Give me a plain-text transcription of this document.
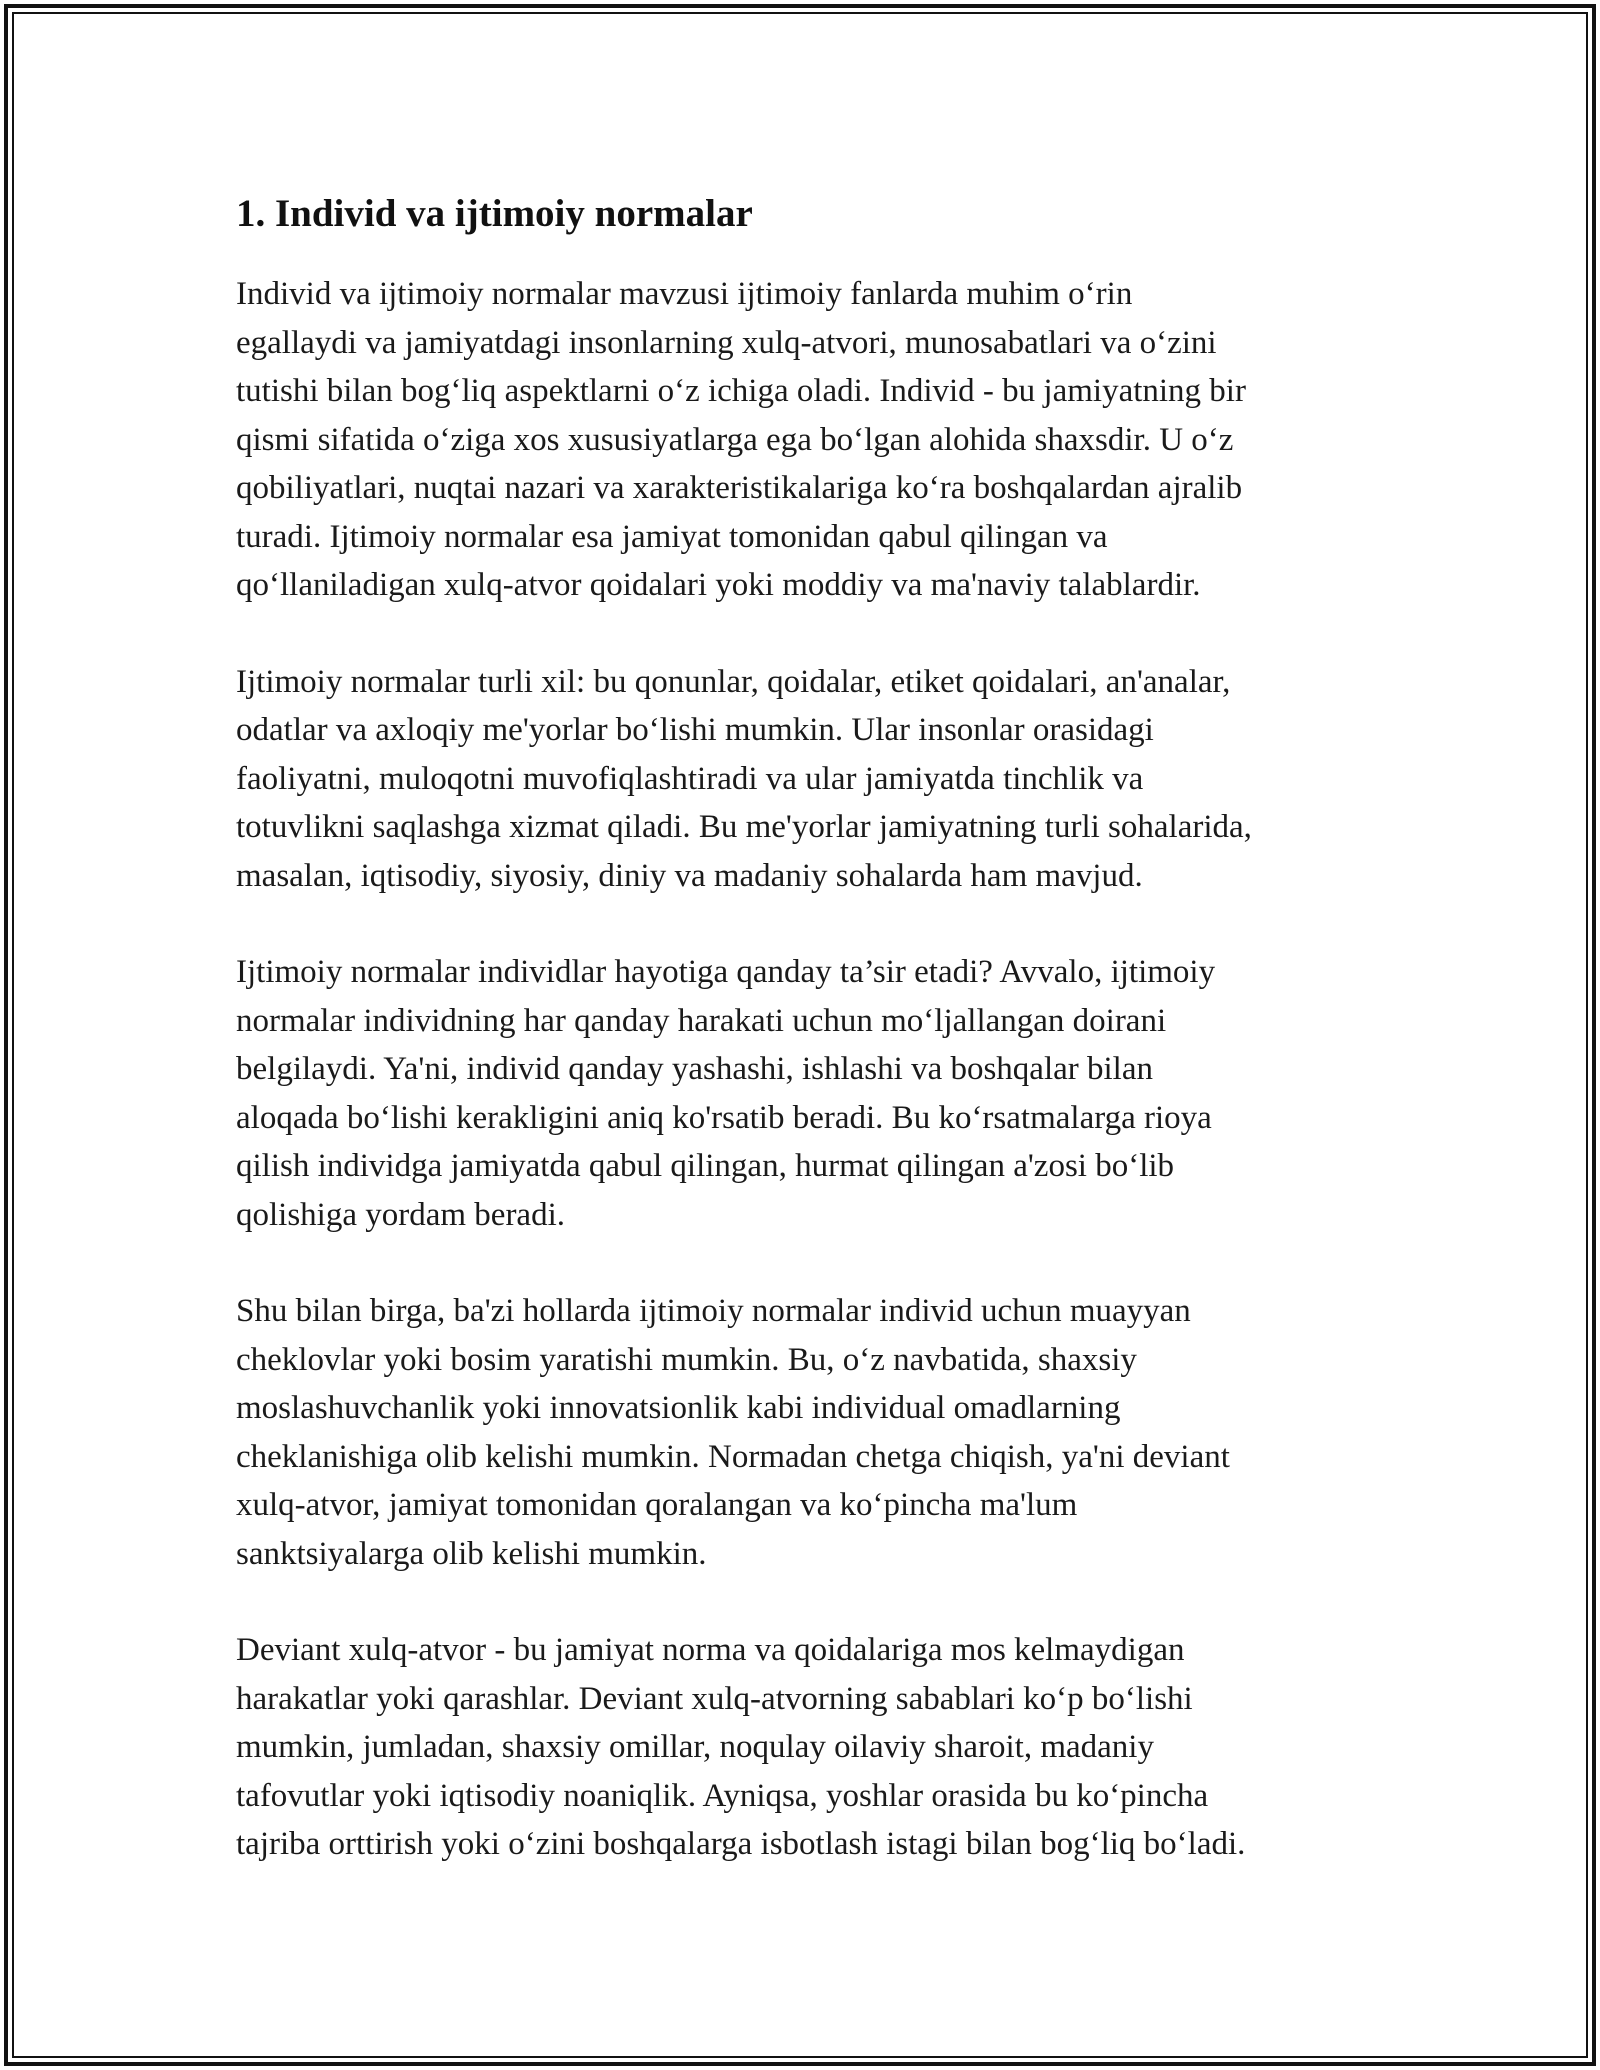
1. Individ va ijtimoiy normalar

Individ va ijtimoiy normalar mavzusi ijtimoiy fanlarda muhim o‘rin
egallaydi va jamiyatdagi insonlarning xulq-atvori, munosabatlari va o‘zini
tutishi bilan bog‘liq aspektlarni o‘z ichiga oladi. Individ - bu jamiyatning bir
qismi sifatida o‘ziga xos xususiyatlarga ega bo‘lgan alohida shaxsdir. U o‘z
qobiliyatlari, nuqtai nazari va xarakteristikalariga ko‘ra boshqalardan ajralib
turadi. Ijtimoiy normalar esa jamiyat tomonidan qabul qilingan va
qo‘llaniladigan xulq-atvor qoidalari yoki moddiy va ma'naviy talablardir.

Ijtimoiy normalar turli xil: bu qonunlar, qoidalar, etiket qoidalari, an'analar,
odatlar va axloqiy me'yorlar bo‘lishi mumkin. Ular insonlar orasidagi
faoliyatni, muloqotni muvofiqlashtiradi va ular jamiyatda tinchlik va
totuvlikni saqlashga xizmat qiladi. Bu me'yorlar jamiyatning turli sohalarida,
masalan, iqtisodiy, siyosiy, diniy va madaniy sohalarda ham mavjud.

Ijtimoiy normalar individlar hayotiga qanday ta’sir etadi? Avvalo, ijtimoiy
normalar individning har qanday harakati uchun mo‘ljallangan doirani
belgilaydi. Ya'ni, individ qanday yashashi, ishlashi va boshqalar bilan
aloqada bo‘lishi kerakligini aniq ko'rsatib beradi. Bu ko‘rsatmalarga rioya
qilish individga jamiyatda qabul qilingan, hurmat qilingan a'zosi bo‘lib
qolishiga yordam beradi.

Shu bilan birga, ba'zi hollarda ijtimoiy normalar individ uchun muayyan
cheklovlar yoki bosim yaratishi mumkin. Bu, o‘z navbatida, shaxsiy
moslashuvchanlik yoki innovatsionlik kabi individual omadlarning
cheklanishiga olib kelishi mumkin. Normadan chetga chiqish, ya'ni deviant
xulq-atvor, jamiyat tomonidan qoralangan va ko‘pincha ma'lum
sanktsiyalarga olib kelishi mumkin.

Deviant xulq-atvor - bu jamiyat norma va qoidalariga mos kelmaydigan
harakatlar yoki qarashlar. Deviant xulq-atvorning sabablari ko‘p bo‘lishi
mumkin, jumladan, shaxsiy omillar, noqulay oilaviy sharoit, madaniy
tafovutlar yoki iqtisodiy noaniqlik. Ayniqsa, yoshlar orasida bu ko‘pincha
tajriba orttirish yoki o‘zini boshqalarga isbotlash istagi bilan bog‘liq bo‘ladi.
